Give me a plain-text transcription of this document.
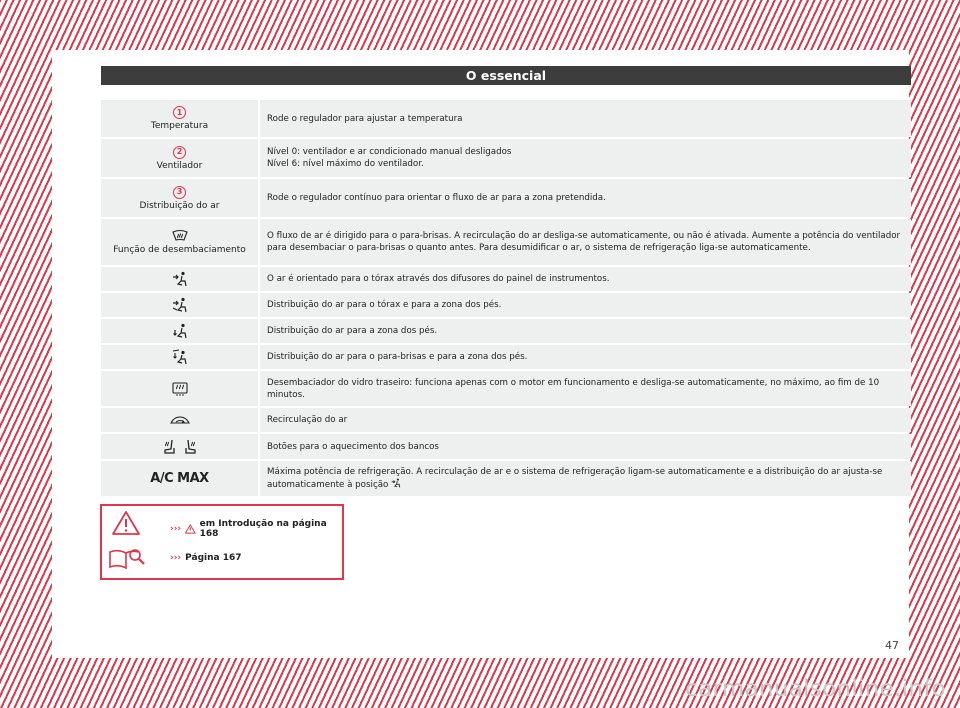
O essencial
1
Temperatura
Rode o regulador para ajustar a temperatura
2
Ventilador
Nível 0: ventilador e ar condicionado manual desligados
Nível 6: nível máximo do ventilador.
3
Distribuição do ar
Rode o regulador contínuo para orientar o fluxo de ar para a zona pretendida.
Função de desembaciamento
O fluxo de ar é dirigido para o para-brisas. A recirculação do ar desliga-se automaticamente, ou não é ativada. Aumente a potência do ventilador para desembaciar o para-brisas o quanto antes. Para desumidificar o ar, o sistema de refrigeração liga-se automaticamente.
O ar é orientado para o tórax através dos difusores do painel de instrumentos.
Distribuição do ar para o tórax e para a zona dos pés.
Distribuição do ar para a zona dos pés.
Distribuição do ar para o para-brisas e para a zona dos pés.
Desembaciador do vidro traseiro: funciona apenas com o motor em funcionamento e desliga-se automaticamente, no máximo, ao fim de 10 minutos.
Recirculação do ar
Botões para o aquecimento dos bancos
A/C MAX	Máxima potência de refrigeração. A recirculação de ar e o sistema de refrigeração ligam-se automaticamente e a distribuição do ar ajusta-se automaticamente à posição
››› em Introdução na página 168
››› Página 167
47
carmanualsonline.info
